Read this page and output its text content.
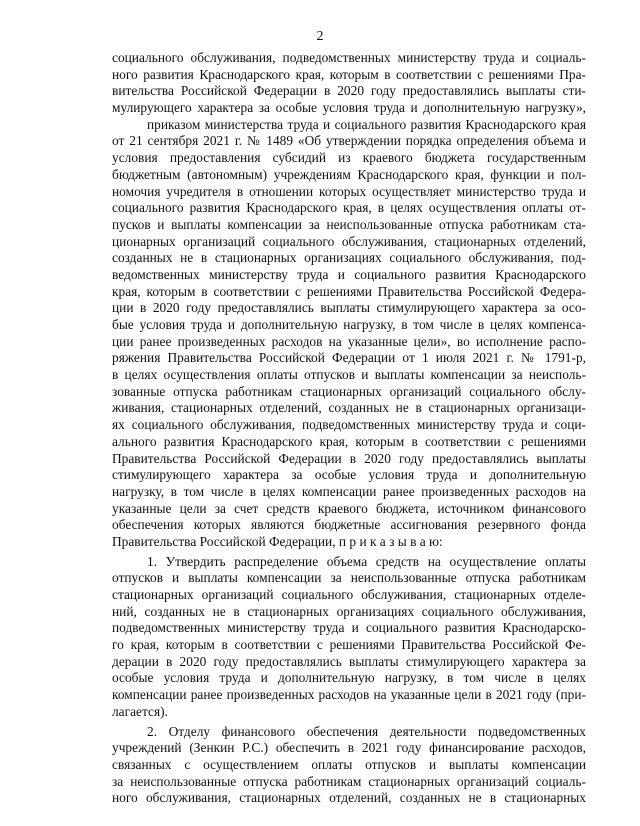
2
социального обслуживания, подведомственных министерству труда и социаль-
ного развития Краснодарского края, которым в соответствии с решениями Пра-
вительства Российской Федерации в 2020 году предоставлялись выплаты сти-
мулирующего характера за особые условия труда и дополнительную нагрузку»,
приказом министерства труда и социального развития Краснодарского края
от 21 сентября 2021 г. № 1489 «Об утверждении порядка определения объема и
условия предоставления субсидий из краевого бюджета государственным
бюджетным (автономным) учреждениям Краснодарского края, функции и пол-
номочия учредителя в отношении которых осуществляет министерство труда и
социального развития Краснодарского края, в целях осуществления оплаты от-
пусков и выплаты компенсации за неиспользованные отпуска работникам ста-
ционарных организаций социального обслуживания, стационарных отделений,
созданных не в стационарных организациях социального обслуживания, под-
ведомственных министерству труда и социального развития Краснодарского
края, которым в соответствии с решениями Правительства Российской Федера-
ции в 2020 году предоставлялись выплаты стимулирующего характера за осо-
бые условия труда и дополнительную нагрузку, в том числе в целях компенса-
ции ранее произведенных расходов на указанные цели», во исполнение распо-
ряжения Правительства Российской Федерации от 1 июля 2021 г. № 1791-р,
в целях осуществления оплаты отпусков и выплаты компенсации за неисполь-
зованные отпуска работникам стационарных организаций социального обслу-
живания, стационарных отделений, созданных не в стационарных организаци-
ях социального обслуживания, подведомственных министерству труда и соци-
ального развития Краснодарского края, которым в соответствии с решениями
Правительства Российской Федерации в 2020 году предоставлялись выплаты
стимулирующего характера за особые условия труда и дополнительную
нагрузку, в том числе в целях компенсации ранее произведенных расходов на
указанные цели за счет средств краевого бюджета, источником финансового
обеспечения которых являются бюджетные ассигнования резервного фонда
Правительства Российской Федерации, п р и к а з ы в а ю:
1. Утвердить распределение объема средств на осуществление оплаты
отпусков и выплаты компенсации за неиспользованные отпуска работникам
стационарных организаций социального обслуживания, стационарных отделе-
ний, созданных не в стационарных организациях социального обслуживания,
подведомственных министерству труда и социального развития Краснодарско-
го края, которым в соответствии с решениями Правительства Российской Фе-
дерации в 2020 году предоставлялись выплаты стимулирующего характера за
особые условия труда и дополнительную нагрузку, в том числе в целях
компенсации ранее произведенных расходов на указанные цели в 2021 году (при-
лагается).
2. Отделу финансового обеспечения деятельности подведомственных
учреждений (Зенкин Р.С.) обеспечить в 2021 году финансирование расходов,
связанных с осуществлением оплаты отпусков и выплаты компенсации
за неиспользованные отпуска работникам стационарных организаций социаль-
ного обслуживания, стационарных отделений, созданных не в стационарных
